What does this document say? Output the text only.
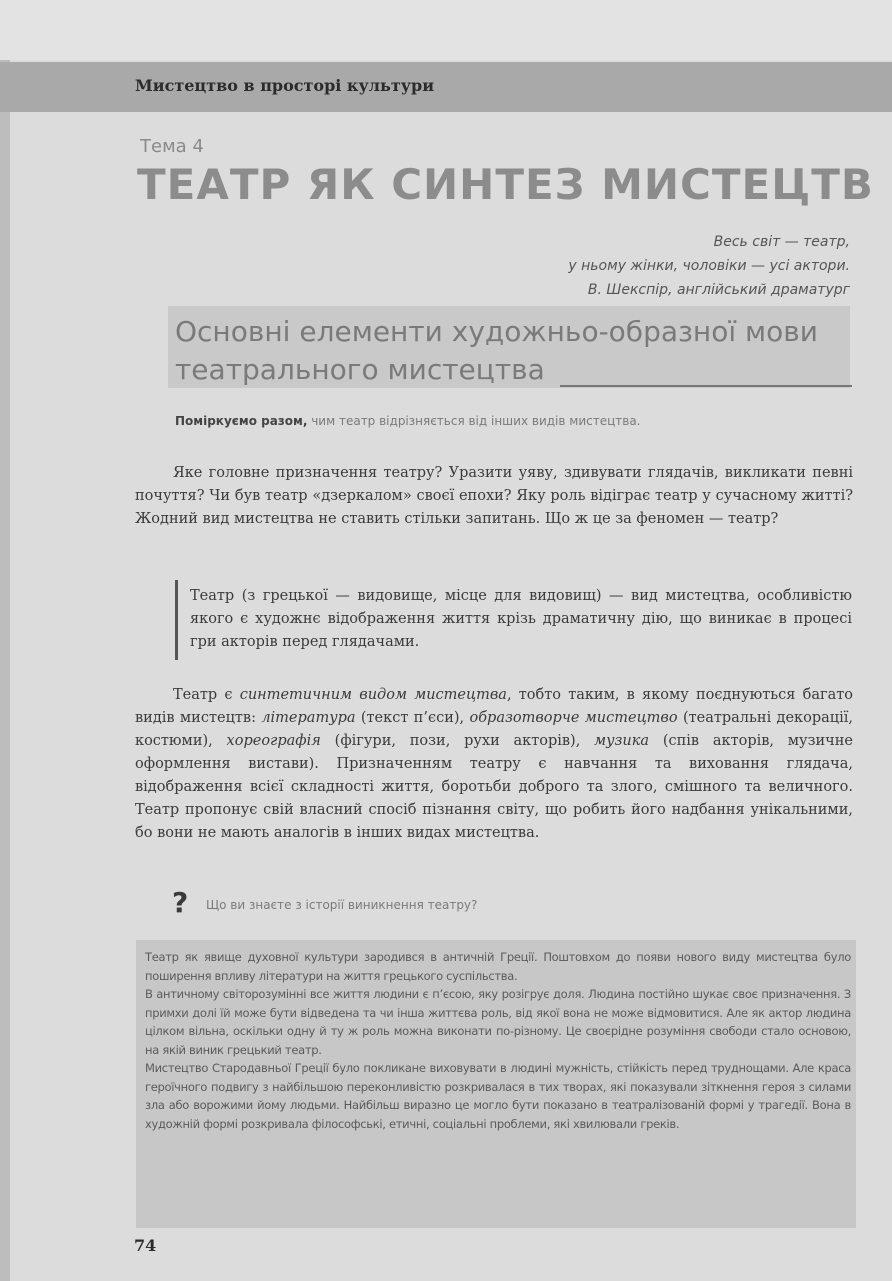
Мистецтво в просторі культури
Тема 4
ТЕАТР ЯК СИНТЕЗ МИСТЕЦТВ
Весь світ — театр,
у ньому жінки, чоловіки — усі актори.
В. Шекспір, англійський драматург
Основні елементи художньо-образної мови театрального мистецтва
Поміркуємо разом, чим театр відрізняється від інших видів мистецтва.
Яке головне призначення театру? Уразити уяву, здивувати глядачів, викликати певні почуття? Чи був театр «дзеркалом» своєї епохи? Яку роль відіграє театр у сучасному житті? Жодний вид мистецтва не ставить стільки запитань. Що ж це за феномен — театр?
Театр (з грецької — видовище, місце для видовищ) — вид мистецтва, особливістю якого є художнє відображення життя крізь драматичну дію, що виникає в процесі гри акторів перед глядачами.
Театр є синтетичним видом мистецтва, тобто таким, в якому поєднуються багато видів мистецтв: література (текст п’єси), образотворче мистецтво (театральні декорації, костюми), хореографія (фігури, пози, рухи акторів), музика (спів акторів, музичне оформлення вистави). Призначенням театру є навчання та виховання глядача, відображення всієї складності життя, боротьби доброго та злого, смішного та величного. Театр пропонує свій власний спосіб пізнання світу, що робить його надбання унікальними, бо вони не мають аналогів в інших видах мистецтва.
? Що ви знаєте з історії виникнення театру?

Театр як явище духовної культури зародився в античній Греції. Поштовхом до появи нового виду мистецтва було поширення впливу літератури на життя грецького суспільства.

В античному світорозумінні все життя людини є п’єсою, яку розігрує доля. Людина постійно шукає своє призначення. З примхи долі їй може бути відведена та чи інша життєва роль, від якої вона не може відмовитися. Але як актор людина цілком вільна, оскільки одну й ту ж роль можна виконати по-різному. Це своєрідне розуміння свободи стало основою, на якій виник грецький театр.

Мистецтво Стародавньої Греції було покликане виховувати в людині мужність, стійкість перед труднощами. Але краса героїчного подвигу з найбільшою переконливістю розкривалася в тих творах, які показували зіткнення героя з силами зла або ворожими йому людьми. Найбільш виразно це могло бути показано в театралізованій формі у трагедії. Вона в художній формі розкривала філософські, етичні, соціальні проблеми, які хвилювали греків.

74
